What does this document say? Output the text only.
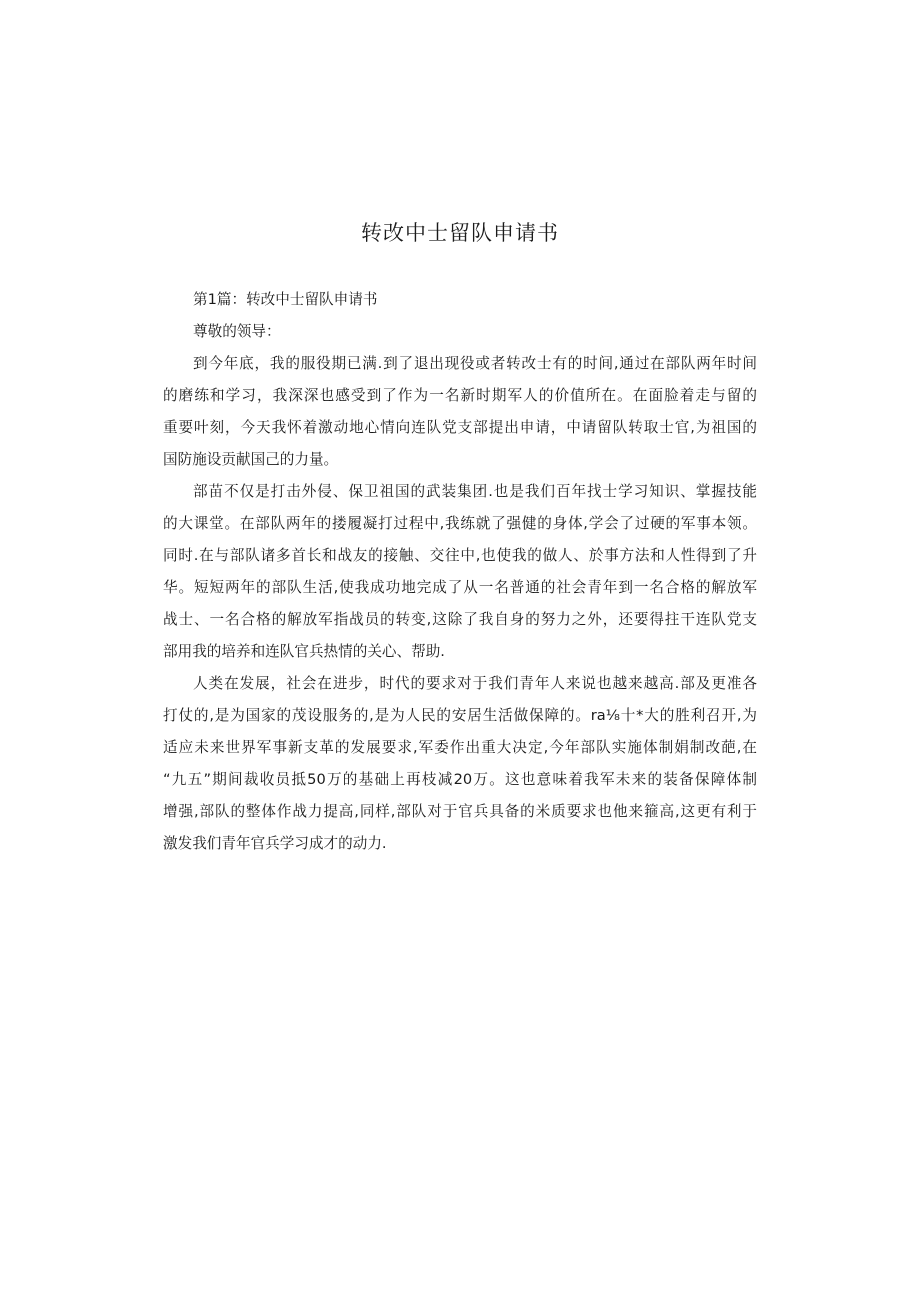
转改中士留队申请书
第1篇：转改中士留队申请书
尊敬的领导：
到今年底，我的服役期已满.到了退出现役或者转改士有的时间,通过在部队两年时间
的磨练和学习，我深深也感受到了作为一名新时期军人的价值所在。在面脸着走与留的
重要叶刻，今天我怀着激动地心情向连队党支部提出申请，中请留队转取士官,为祖国的
国防施设贡献国己的力量。
部苗不仅是打击外侵、保卫祖国的武装集团.也是我们百年找士学习知识、掌握技能
的大课堂。在部队两年的搂履凝打过程中,我练就了强健的身体,学会了过硬的军事本领。
同时.在与部队诸多首长和战友的接触、交往中,也使我的做人、於事方法和人性得到了升
华。短短两年的部队生活,使我成功地完成了从一名普通的社会青年到一名合格的解放军
战士、一名合格的解放军指战员的转变,这除了我自身的努力之外，还要得拄干连队党支
部用我的培养和连队官兵热情的关心、帮助.
人类在发展，社会在进步，时代的要求对于我们青年人来说也越来越高.部及更准各
打仗的,是为国家的茂设服务的,是为人民的安居生活做保障的。ra⅛十*大的胜利召开,为
适应未来世界军事新支革的发展要求,军委作出重大决定,今年部队实施体制娟制改葩,在
“九五”期间裁收员抵50万的基础上再枝减20万。这也意味着我军未来的装备保障体制
增强,部队的整体作战力提高,同样,部队对于官兵具备的米质要求也他来箍高,这更有利于
激发我们青年官兵学习成才的动力.
